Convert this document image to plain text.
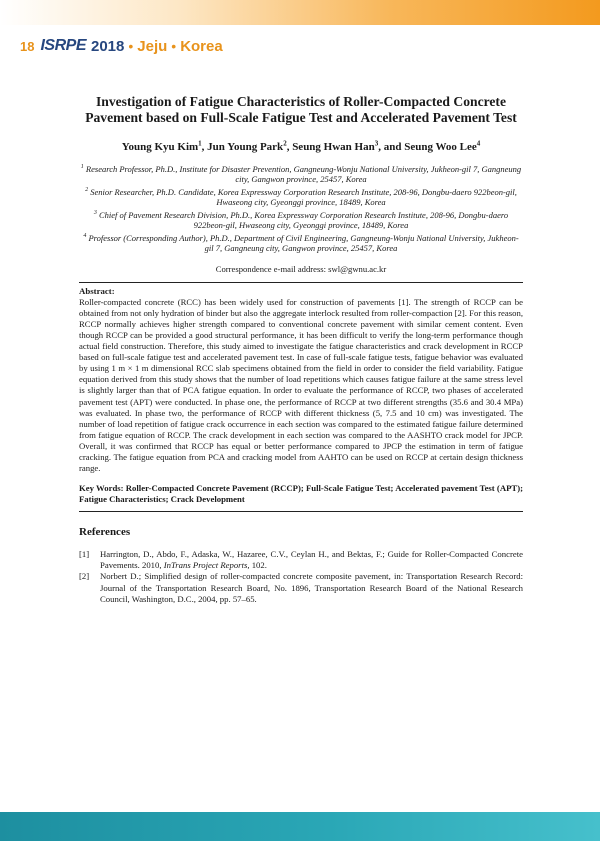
18 ISRPE 2018 • Jeju • Korea
Investigation of Fatigue Characteristics of Roller-Compacted Concrete
Pavement based on Full-Scale Fatigue Test and Accelerated Pavement Test
Young Kyu Kim$^1$, Jun Young Park$^2$, Seung Hwan Han$^3$, and Seung Woo Lee$^4$

$^1$ Research Professor, Ph.D., Institute for Disaster Prevention, Gangneung-Wonju National University, Jukheon-gil 7, Gangneung city, Gangwon province, 25457, Korea

$^2$ Senior Researcher, Ph.D. Candidate, Korea Expressway Corporation Research Institute, 208-96, Dongbu-daero 922beon-gil, Hwaseong city, Gyeonggi province, 18489, Korea

$^3$ Chief of Pavement Research Division, Ph.D., Korea Expressway Corporation Research Institute, 208-96, Dongbu-daero 922beon-gil, Hwaseong city, Gyeonggi province, 18489, Korea

$^4$ Professor (Corresponding Author), Ph.D., Department of Civil Engineering, Gangneung-Wonju National University, Jukheon-gil 7, Gangneung city, Gangwon province, 25457, Korea

Correspondence e-mail address: swl@gwnu.ac.kr
Abstract:
Roller-compacted concrete (RCC) has been widely used for construction of pavements [1]. The strength of RCCP can be obtained from not only hydration of binder but also the aggregate interlock resulted from roller-compaction [2]. For this reason, RCCP normally achieves higher strength compared to conventional concrete pavement with similar cement content. Even though RCCP can be provided a good structural performance, it has been difficult to verify the long-term performance though actual field construction. Therefore, this study aimed to investigate the fatigue characteristics and crack development in RCCP based on full-scale fatigue test and accelerated pavement test. In case of full-scale fatigue tests, fatigue behavior was evaluated by using 1 m × 1 m dimensional RCC slab specimens obtained from the field in order to consider the field variability. Fatigue equation derived from this study shows that the number of load repetitions which causes fatigue failure at the same stress level is slightly larger than that of PCA fatigue equation. In order to evaluate the performance of RCCP, two phases of accelerated pavement test (APT) were conducted. In phase one, the performance of RCCP at two different strengths (35.6 and 30.4 MPa) was evaluated. In phase two, the performance of RCCP with different thickness (5, 7.5 and 10 cm) was investigated. The number of load repetition of fatigue crack occurrence in each section was compared to the estimated fatigue failure determined from fatigue equation of RCCP. The crack development in each section was compared to the AASHTO crack model for JPCP. Overall, it was confirmed that RCCP has equal or better performance compared to JPCP the estimation in term of fatigue cracking. The fatigue equation from PCA and cracking model from AAHTO can be used on RCCP at certain design thickness range.
Key Words: Roller-Compacted Concrete Pavement (RCCP); Full-Scale Fatigue Test; Accelerated pavement Test (APT); Fatigue Characteristics; Crack Development
References
[1]	Harrington, D., Abdo, F., Adaska, W., Hazaree, C.V., Ceylan H., and Bektas, F.; Guide for Roller-Compacted Concrete Pavements. 2010, InTrans Project Reports, 102.
[2]	Norbert D.; Simplified design of roller-compacted concrete composite pavement, in: Transportation Research Record: Journal of the Transportation Research Board, No. 1896, Transportation Research Board of the National Research Council, Washington, D.C., 2004, pp. 57–65.
